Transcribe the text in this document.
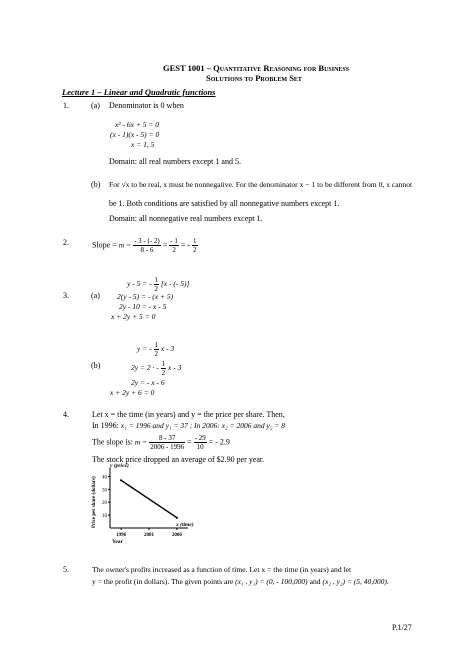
GEST 1001 – Quantitative Reasoning for Business
Solutions to Problem Set
Lecture 1 – Linear and Quadratic functions
1.	(a) Denominator is 0 when
x² - 6x + 5 = 0
(x - 1)(x - 5) = 0
x = 1, 5
Domain: all real numbers except 1 and 5.
(b) For √x to be real, x must be nonnegative. For the denominator x − 1 to be different from 0, x cannot
be 1. Both conditions are satisfied by all nonnegative numbers except 1.
Domain: all nonnegative real numbers except 1.
2.	Slope = $m = \frac{- 3 - (- 2)}{8 - 6} = \frac{- 1}{2}$ = - $\frac{1}{2}$
3.	(a)
y - 5 = - $\frac{1}{2} [x$ - (- 5)]
2(y - 5) = - (x + 5)
2y - 10 = - x - 5
x + 2y + 5 = 0
(b)
y = - $\frac{1}{2}$ x - 3
2y = 2 · - $\frac{1}{2}$ x - 3
2y = - x - 6
x + 2y + 6 = 0
4.	Let x = the time (in years) and y = the price per share. Then,
In 1996: x₁ = 1996 and y₁ = 37 ; In 2006: x₂ = 2006 and y₂ = 8
The slope is: $m = \frac{8 - 37}{2006 - 1996} = \frac{- 29}{10}$ = - 2.9
The stock price dropped an average of $2.90 per year.
10
20
30
40
1996	2001	2006
x (time)
Year
y (price)
Price per share (dollars)
5.	The owner's profits increased as a function of time. Let x = the time (in years) and let
y = the profit (in dollars). The given points are (x₁ , y₁) = (0, - 100,000) and (x₂ , y₂) = (5, 40,000).
P.1/27
